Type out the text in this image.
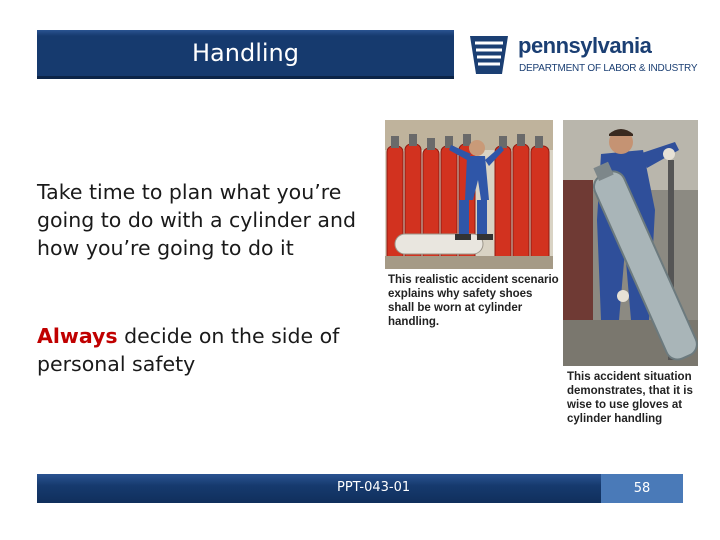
Handling	pennsylvania
DEPARTMENT OF LABOR & INDUSTRY
Take time to plan what you’re going to do with a cylinder and how you’re going to do it
Always decide on the side of personal safety
This realistic accident scenario explains why safety shoes shall be worn at cylinder handling.
This accident situation demonstrates, that it is wise to use gloves at cylinder handling
PPT-043-01	58
